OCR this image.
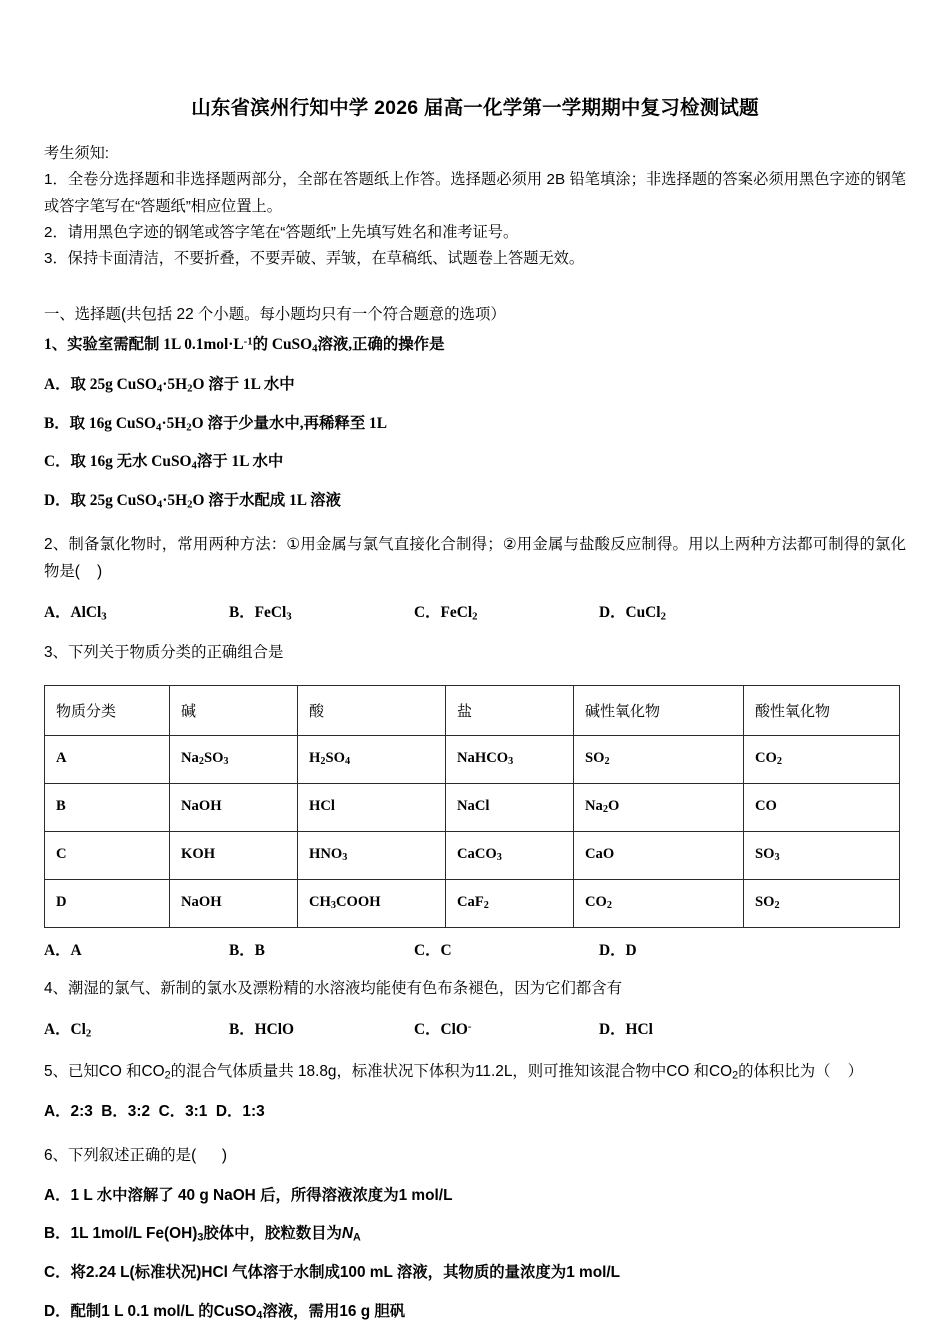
山东省滨州行知中学 2026 届高一化学第一学期期中复习检测试题
考生须知:
1．全卷分选择题和非选择题两部分，全部在答题纸上作答。选择题必须用 2B 铅笔填涂；非选择题的答案必须用黑色字迹的钢笔或答字笔写在“答题纸”相应位置上。
2．请用黑色字迹的钢笔或答字笔在“答题纸”上先填写姓名和准考证号。
3．保持卡面清洁，不要折叠，不要弄破、弄皱，在草稿纸、试题卷上答题无效。
一、选择题(共包括 22 个小题。每小题均只有一个符合题意的选项）
1、实验室需配制 1L $0.1mol\cdot L^{-1}$的 CuSO$_4$溶液,正确的操作是
A．取 25g $CuSO_4\cdot 5H_2O$ 溶于 1L 水中
B．取 16g $CuSO_4\cdot 5H_2O$ 溶于少量水中,再稀释至 1L
C．取 16g 无水 CuSO$_4$溶于 1L 水中
D．取 25g $CuSO_4\cdot 5H_2O$ 溶于水配成 1L 溶液
2、制备氯化物时，常用两种方法：①用金属与氯气直接化合制得；②用金属与盐酸反应制得。用以上两种方法都可制得的氯化物是(    )
A．AlCl$_3$	B．FeCl$_3$	C．FeCl$_2$	D．CuCl$_2$
3、下列关于物质分类的正确组合是
物质分类	碱	酸	盐	碱性氧化物	酸性氧化物
A	$Na_2SO_3$	$H_2SO_4$	NaHCO$_3$	$SO_2$	$CO_2$
B	NaOH	HCl	NaCl	$Na_2O$	CO
C	KOH	$HNO_3$	CaCO$_3$	CaO	$SO_3$
D	NaOH	$CH_3COOH$	CaF$_2$	$CO_2$	$SO_2$
A．A	B．B	C．C	D．D
4、潮湿的氯气、新制的氯水及漂粉精的水溶液均能使有色布条褪色，因为它们都含有
A．$Cl_2$	B．HClO	C．ClO-	D．HCl
5、已知CO 和$CO_2$的混合气体质量共 18.8g，标准状况下体积为11.2L，则可推知该混合物中CO 和$CO_2$的体积比为（    ）
A．2:3  B．3:2  C．3:1  D．1:3
6、下列叙述正确的是(      )
A．1 L 水中溶解了 40 g NaOH 后，所得溶液浓度为1 mol/L
B．1L 1mol/L $Fe(OH)_3$胶体中，胶粒数目为$N_A$
C．将2.24 L(标准状况)HCl 气体溶于水制成100 mL 溶液，其物质的量浓度为1 mol/L
D．配制1 L 0.1 mol/L 的CuSO$_4$溶液，需用16 g 胆矾
